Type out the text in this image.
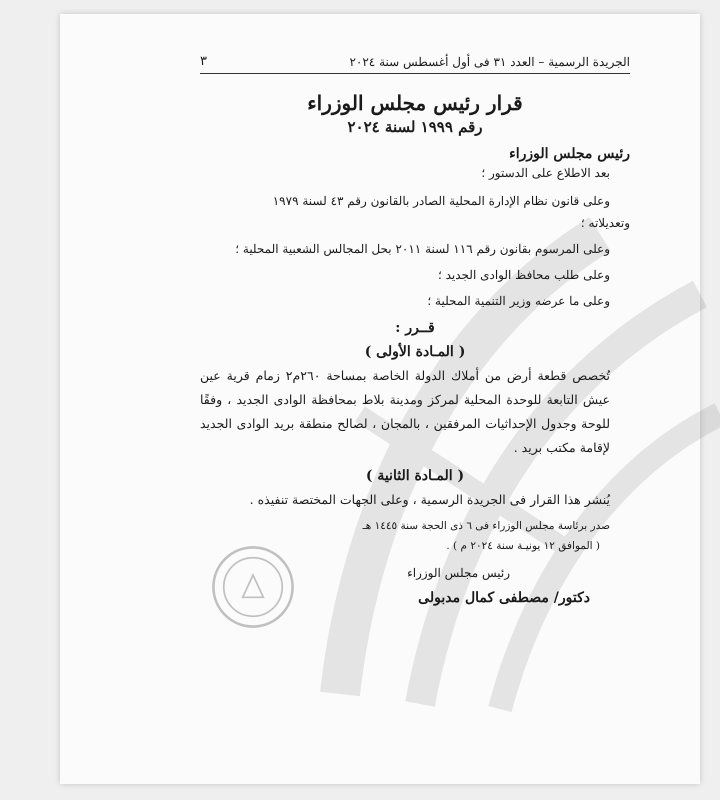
الجريدة الرسمية – العدد ٣١ فى أول أغسطس سنة ٢٠٢٤
٣
قرار رئيس مجلس الوزراء
رقم ١٩٩٩ لسنة ٢٠٢٤
رئيس مجلس الوزراء
بعد الاطلاع على الدستور ؛
وعلى قانون نظام الإدارة المحلية الصادر بالقانون رقم ٤٣ لسنة ١٩٧٩
وتعديلاته ؛
وعلى المرسوم بقانون رقم ١١٦ لسنة ٢٠١١ بحل المجالس الشعبية المحلية ؛
وعلى طلب محافظ الوادى الجديد ؛
وعلى ما عرضه وزير التنمية المحلية ؛
قــرر :
( المـادة الأولى )
تُخصص قطعة أرض من أملاك الدولة الخاصة بمساحة ٢٦٠م٢ زمام قرية عين عيش التابعة للوحدة المحلية لمركز ومدينة بلاط بمحافظة الوادى الجديد ، وفقًا للوحة وجدول الإحداثيات المرفقين ، بالمجان ، لصالح منطقة بريد الوادى الجديد لإقامة مكتب بريد .
( المـادة الثانية )
يُنشر هذا القرار فى الجريدة الرسمية ، وعلى الجهات المختصة تنفيذه .
صدر برئاسة مجلس الوزراء فى ٦ ذى الحجة سنة ١٤٤٥ هـ
( الموافق ١٢ يونيـة سنة ٢٠٢٤ م ) .
رئيس مجلس الوزراء
دكتور/ مصطفى كمال مدبولى
